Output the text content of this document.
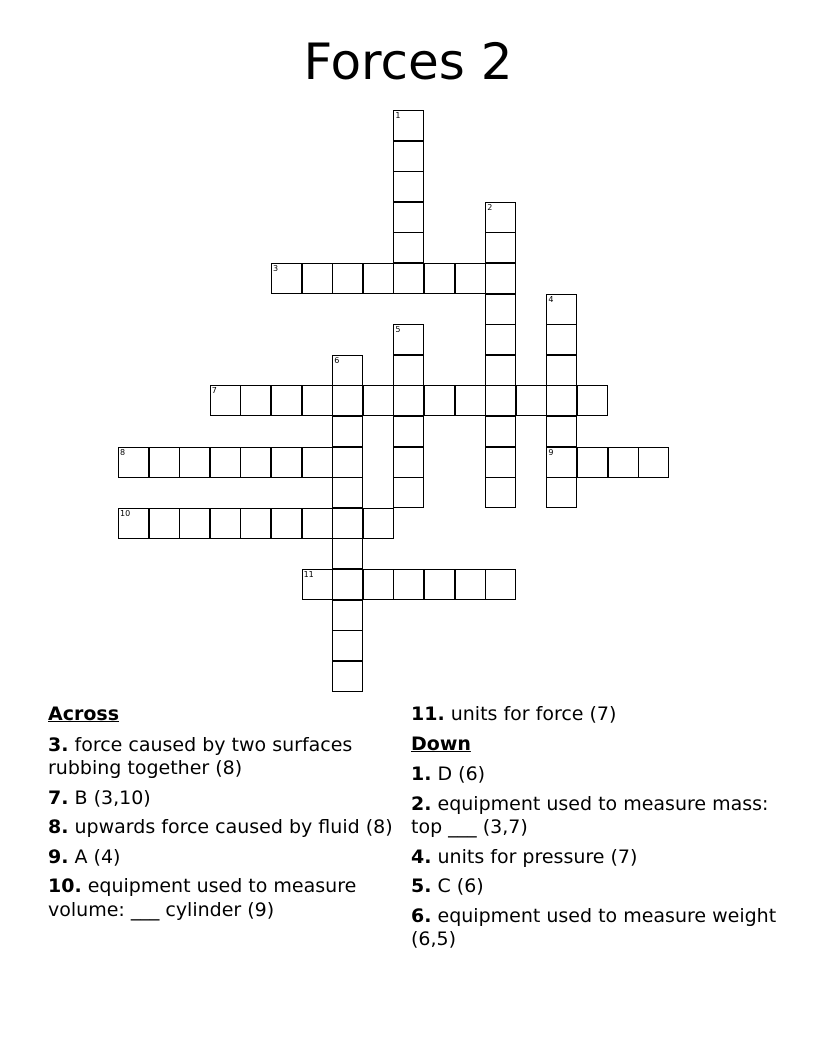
Forces 2
1
2
3
4
9
5
6
7
8
10
11
Across
3. force caused by two surfaces rubbing together (8)
7. B (3,10)
8. upwards force caused by fluid (8)
9. A (4)
10. equipment used to measure volume: ___ cylinder (9)
11. units for force (7)
Down
1. D (6)
2. equipment used to measure mass: top ___ (3,7)
4. units for pressure (7)
5. C (6)
6. equipment used to measure weight (6,5)
